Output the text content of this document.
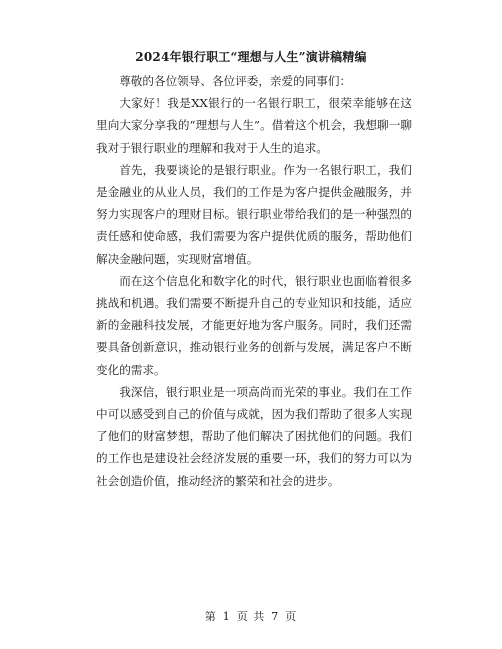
2024年银行职工“理想与人生”演讲稿精编

尊敬的各位领导、各位评委，亲爱的同事们：

大家好！我是XX银行的一名银行职工，很荣幸能够在这里向大家分享我的“理想与人生”。借着这个机会，我想聊一聊我对于银行职业的理解和我对于人生的追求。

首先，我要谈论的是银行职业。作为一名银行职工，我们是金融业的从业人员，我们的工作是为客户提供金融服务，并努力实现客户的理财目标。银行职业带给我们的是一种强烈的责任感和使命感，我们需要为客户提供优质的服务，帮助他们解决金融问题，实现财富增值。

而在这个信息化和数字化的时代，银行职业也面临着很多挑战和机遇。我们需要不断提升自己的专业知识和技能，适应新的金融科技发展，才能更好地为客户服务。同时，我们还需要具备创新意识，推动银行业务的创新与发展，满足客户不断变化的需求。

我深信，银行职业是一项高尚而光荣的事业。我们在工作中可以感受到自己的价值与成就，因为我们帮助了很多人实现了他们的财富梦想，帮助了他们解决了困扰他们的问题。我们的工作也是建设社会经济发展的重要一环，我们的努力可以为社会创造价值，推动经济的繁荣和社会的进步。

第 1 页 共 7 页
